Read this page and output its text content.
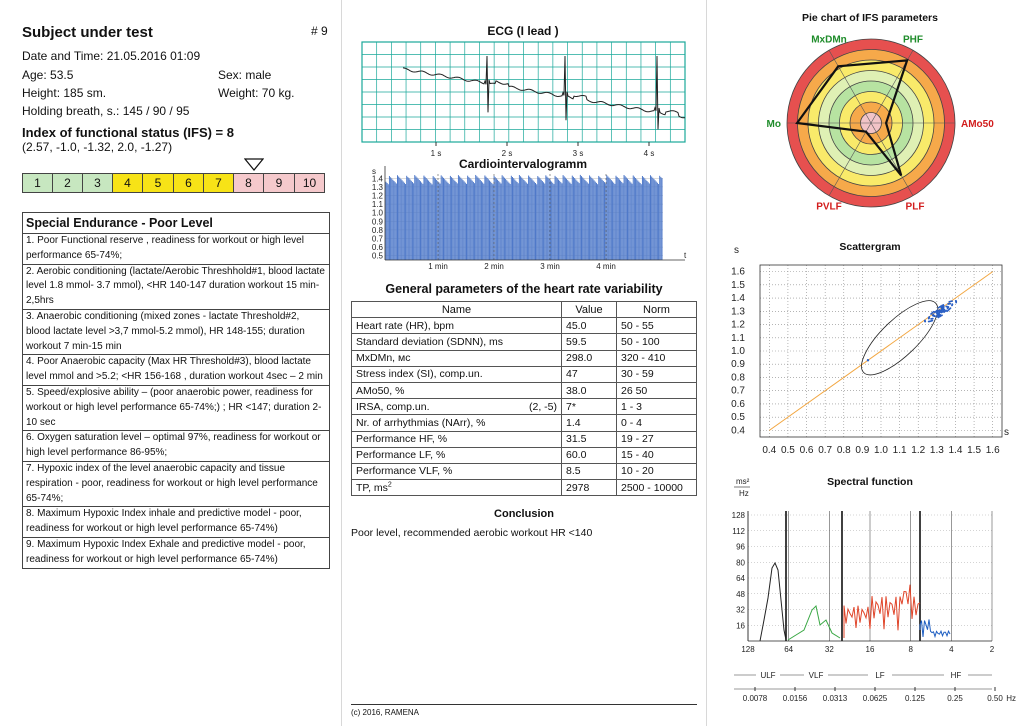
Subject under test	# 9
Date and Time: 21.05.2016 01:09
Age: 53.5	Sex: male
Height: 185 sm.	Weight: 70 kg.
Holding breath, s.: 145 / 90 / 95
Index of functional status (IFS) = 8
(2.57, -1.0, -1.32, 2.0, -1.27)
1	2	3	4	5	6	7	8	9	10
Special Endurance - Poor Level
1. Poor Functional reserve , readiness for workout or high level performance 65-74%;
2. Aerobic conditioning (lactate/Aerobic Threshhold#1, blood lactate level 1.8 mmol- 3.7 mmol), <HR 140-147 duration workout 15 min-2,5hrs
3. Anaerobic conditioning (mixed zones - lactate Threshold#2, blood lactate level >3,7 mmol-5.2 mmol), HR 148-155; duration workout 7 min-15 min
4. Poor Anaerobic capacity (Max HR Threshold#3), blood lactate level mmol and >5.2; <HR 156-168 , duration workout 4sec – 2 min
5. Speed/explosive ability – (poor anaerobic power, readiness for workout or high level performance 65-74%;) ; HR <147; duration 2-10 sec
6. Oxygen saturation level – optimal 97%, readiness for workout or high level performance 86-95%;
7. Hypoxic index of the level anaerobic capacity and tissue respiration - poor, readiness for workout or high level performance 65-74%;
8. Maximum Hypoxic Index inhale and predictive model - poor, readiness for workout or high level performance 65-74%)
9. Maximum Hypoxic Index Exhale and predictive model - poor, readiness for workout or high level performance 65-74%)
ECG (I lead )
1 s	2 s	3 s	4 s
Cardiointervalogramm
s
t
1.4
1.3
1.2
1.1
1.0
0.9
0.8
0.7
0.6
0.5
1 min	2 min	3 min	4 min
General parameters of the heart rate variability
Name	Value	Norm
Heart rate (HR), bpm	45.0	50 - 55
Standard deviation (SDNN), ms	59.5	50 - 100
MxDMn, мс	298.0	320 - 410
Stress index (SI), comp.un.	47	30 - 59
AMo50, %	38.0	26 50
IRSA, comp.un. (2, -5)	7*	1 - 3
Nr. of arrhythmias (NArr), %	1.4	0 - 4
Performance HF, %	31.5	19 - 27
Performance LF, %	60.0	15 - 40
Performance VLF, %	8.5	10 - 20
TP, $ms^2$	2978	2500 - 10000
Conclusion
Poor level, recommended aerobic workout HR <140
(c) 2016, RAMENA
Pie chart of IFS parameters
PHF
AMo50
PLF
PVLF
Mo
MxDMn
Scattergram
s
s
0.4
0.4
0.5
0.5
0.6
0.6
0.7
0.7
0.8
0.8
0.9
0.9
1.0
1.0
1.1
1.1
1.2
1.2
1.3
1.3
1.4
1.4
1.5
1.5
1.6
1.6
Spectral function
ms²
Hz
128
112
96
80
64
48
32
16
128	64	32	16	8	4	2
ULF	VLF	LF	HF
0.0078 0.0156 0.0313 0.0625 0.125	0.25	0.50 Hz
